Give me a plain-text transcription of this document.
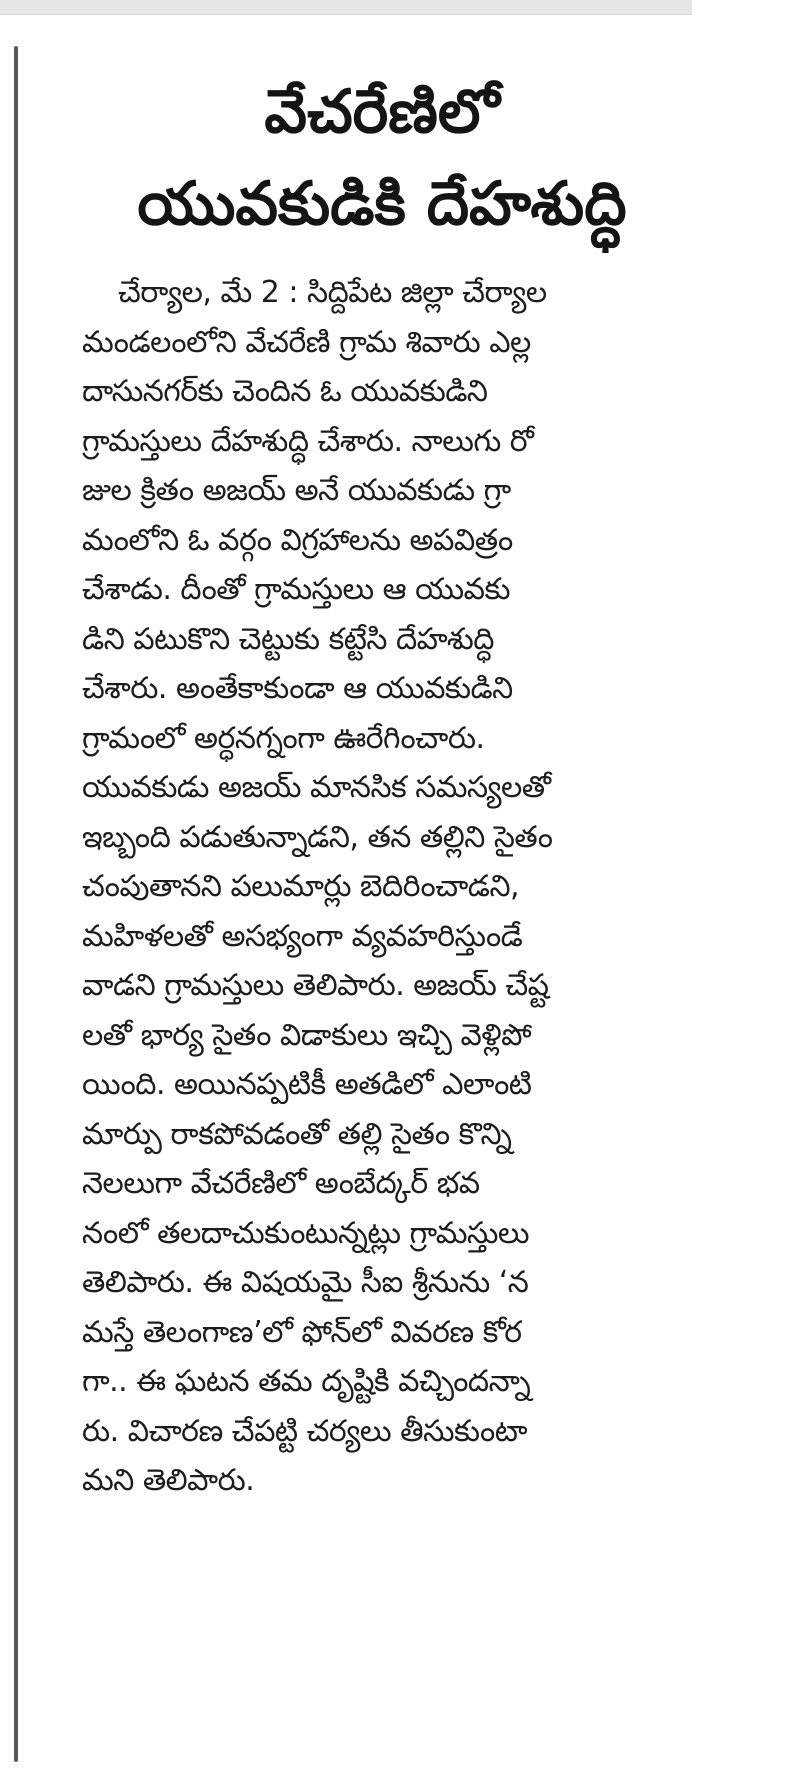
వేచరేణిలో
యువకుడికి దేహశుద్ధి
చేర్యాల, మే 2 : సిద్దిపేట జిల్లా చేర్యాల
మండలంలోని వేచరేణి గ్రామ శివారు ఎల్ల
దాసునగర్‌కు చెందిన ఓ యువకుడిని
గ్రామస్తులు దేహశుద్ధి చేశారు. నాలుగు రో
జుల క్రితం అజయ్ అనే యువకుడు గ్రా
మంలోని ఓ వర్గం విగ్రహాలను అపవిత్రం
చేశాడు. దీంతో గ్రామస్తులు ఆ యువకు
డిని పటుకొని చెట్టుకు కట్టేసి దేహశుద్ధి
చేశారు. అంతేకాకుండా ఆ యువకుడిని
గ్రామంలో అర్ధనగ్నంగా ఊరేగించారు.
యువకుడు అజయ్ మానసిక సమస్యలతో
ఇబ్బంది పడుతున్నాడని, తన తల్లిని సైతం
చంపుతానని పలుమార్లు బెదిరించాడని,
మహిళలతో అసభ్యంగా వ్యవహరిస్తుండే
వాడని గ్రామస్తులు తెలిపారు. అజయ్ చేష్ట
లతో భార్య సైతం విడాకులు ఇచ్చి వెళ్లిపో
యింది. అయినప్పటికీ అతడిలో ఎలాంటి
మార్పు రాకపోవడంతో తల్లి సైతం కొన్ని
నెలలుగా వేచరేణిలో అంబేద్కర్ భవ
నంలో తలదాచుకుంటున్నట్లు గ్రామస్తులు
తెలిపారు. ఈ విషయమై సీఐ శ్రీనును ‘న
మస్తే తెలంగాణ’లో ఫోన్‌లో వివరణ కోర
గా.. ఈ ఘటన తమ దృష్టికి వచ్చిందన్నా
రు. విచారణ చేపట్టి చర్యలు తీసుకుంటా
మని తెలిపారు.
